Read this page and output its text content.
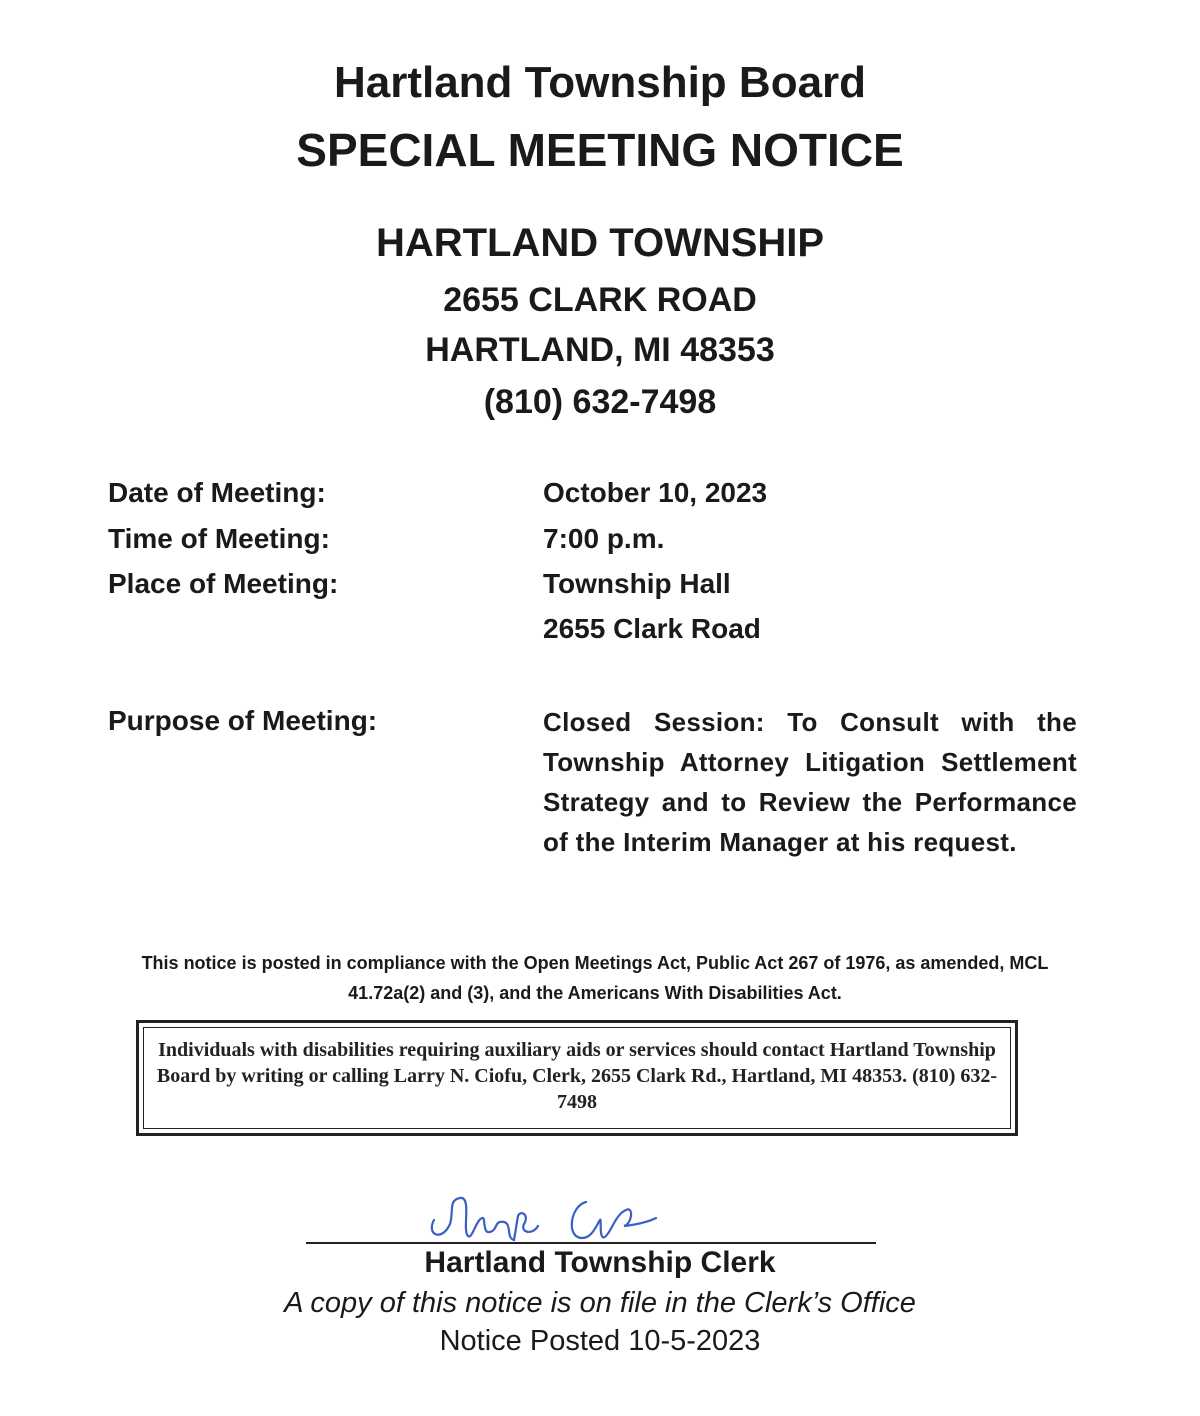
Hartland Township Board
SPECIAL MEETING NOTICE
HARTLAND TOWNSHIP
2655 CLARK ROAD
HARTLAND, MI 48353
(810) 632-7498
Date of Meeting:	October 10, 2023
Time of Meeting:	7:00 p.m.
Place of Meeting:	Township Hall
2655 Clark Road
Purpose of Meeting:	Closed Session: To Consult with the Township Attorney Litigation Settlement Strategy and to Review the Performance of the Interim Manager at his request.
This notice is posted in compliance with the Open Meetings Act, Public Act 267 of 1976, as amended, MCL 41.72a(2) and (3), and the Americans With Disabilities Act.
Individuals with disabilities requiring auxiliary aids or services should contact Hartland Township Board by writing or calling Larry N. Ciofu, Clerk, 2655 Clark Rd., Hartland, MI 48353. (810) 632-7498
Hartland Township Clerk
A copy of this notice is on file in the Clerk’s Office
Notice Posted 10-5-2023
